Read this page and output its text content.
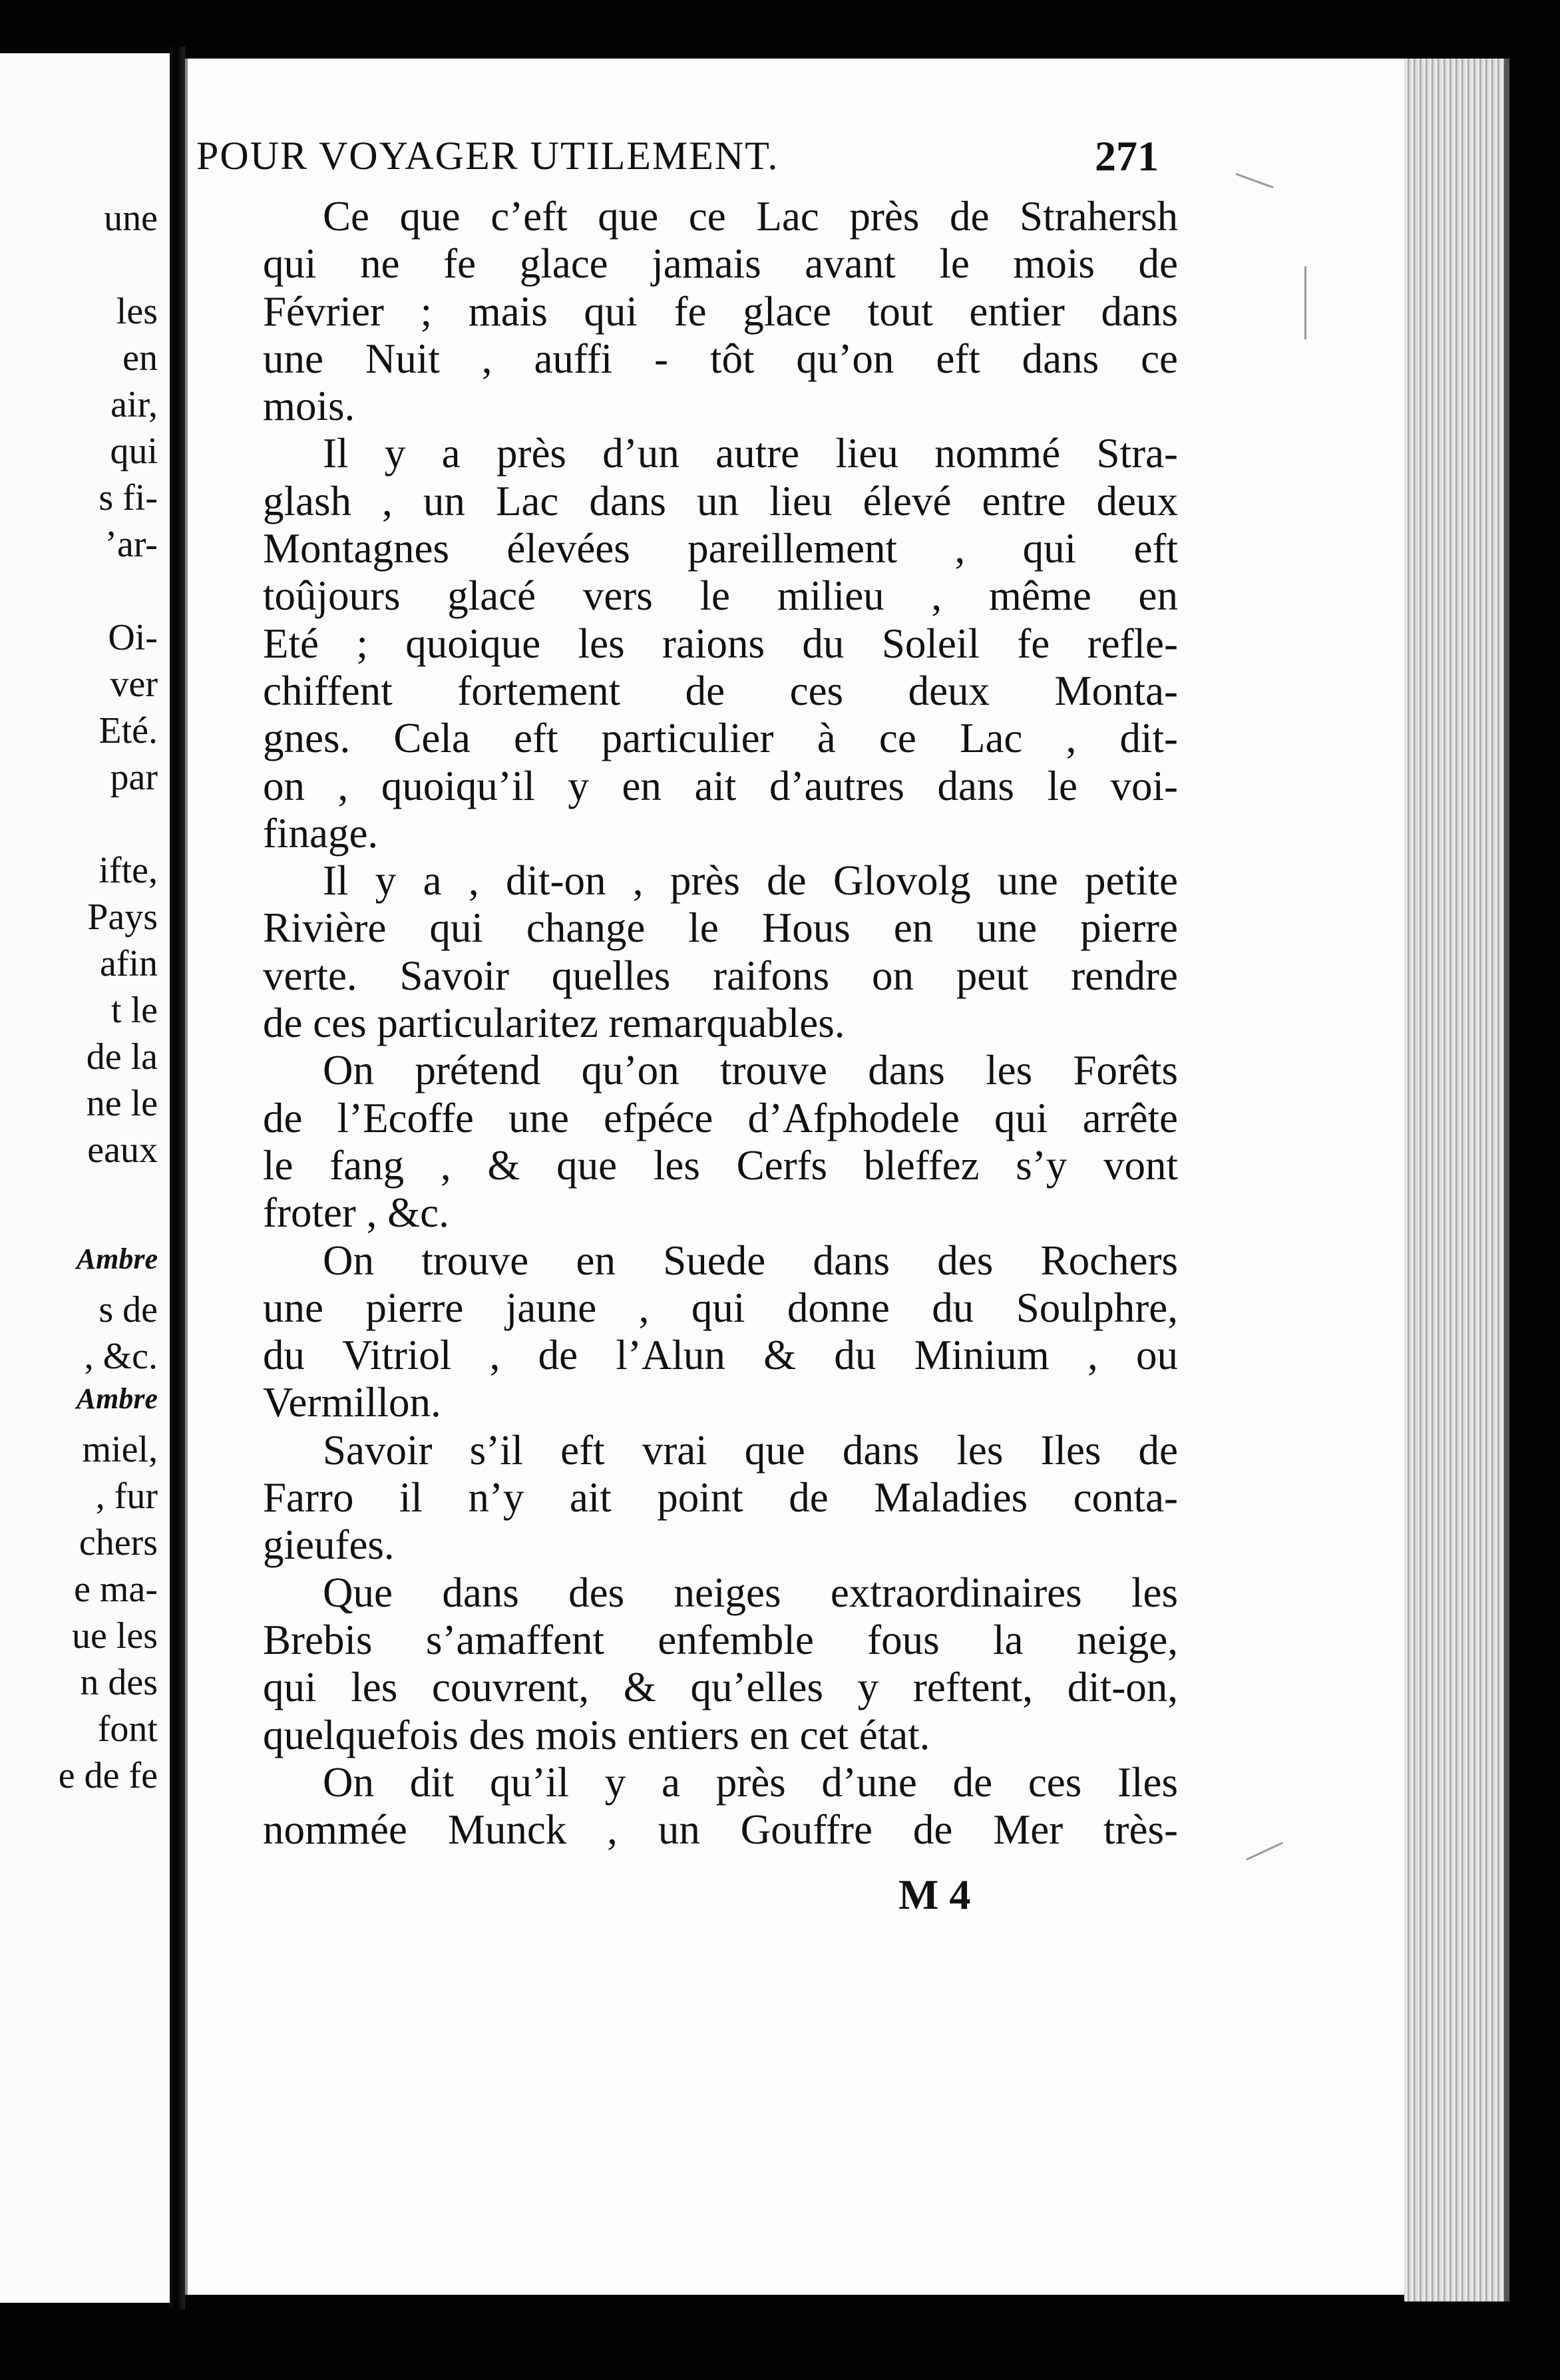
une
les
en
air,
qui
s fi-
’ar-
Oi-
ver
Eté.
par
ifte,
Pays
afin
t le
de la
ne le
eaux
Ambre
s de
, &c.
Ambre
miel,
, fur
chers
e ma-
ue les
n des
font
e de fe
POUR VOYAGER UTILEMENT.	271
Ce que c’eft que ce Lac près de Strahersh
qui ne fe glace jamais avant le mois de
Février ; mais qui fe glace tout entier dans
une Nuit , auffi - tôt qu’on eft dans ce
mois.
Il y a près d’un autre lieu nommé Stra-
glash , un Lac dans un lieu élevé entre deux
Montagnes élevées pareillement , qui eft
toûjours glacé vers le milieu , même en
Eté ; quoique les raions du Soleil fe refle-
chiffent fortement de ces deux Monta-
gnes. Cela eft particulier à ce Lac , dit-
on , quoiqu’il y en ait d’autres dans le voi-
finage.
Il y a , dit-on , près de Glovolg une petite
Rivière qui change le Hous en une pierre
verte. Savoir quelles raifons on peut rendre
de ces particularitez remarquables.
On prétend qu’on trouve dans les Forêts
de l’Ecoffe une efpéce d’Afphodele qui arrête
le fang , & que les Cerfs bleffez s’y vont
froter , &c.
On trouve en Suede dans des Rochers
une pierre jaune , qui donne du Soulphre,
du Vitriol , de l’Alun & du Minium , ou
Vermillon.
Savoir s’il eft vrai que dans les Iles de
Farro il n’y ait point de Maladies conta-
gieufes.
Que dans des neiges extraordinaires les
Brebis s’amaffent enfemble fous la neige,
qui les couvrent, & qu’elles y reftent, dit-on,
quelquefois des mois entiers en cet état.
On dit qu’il y a près d’une de ces Iles
nommée Munck , un Gouffre de Mer très-
M 4
